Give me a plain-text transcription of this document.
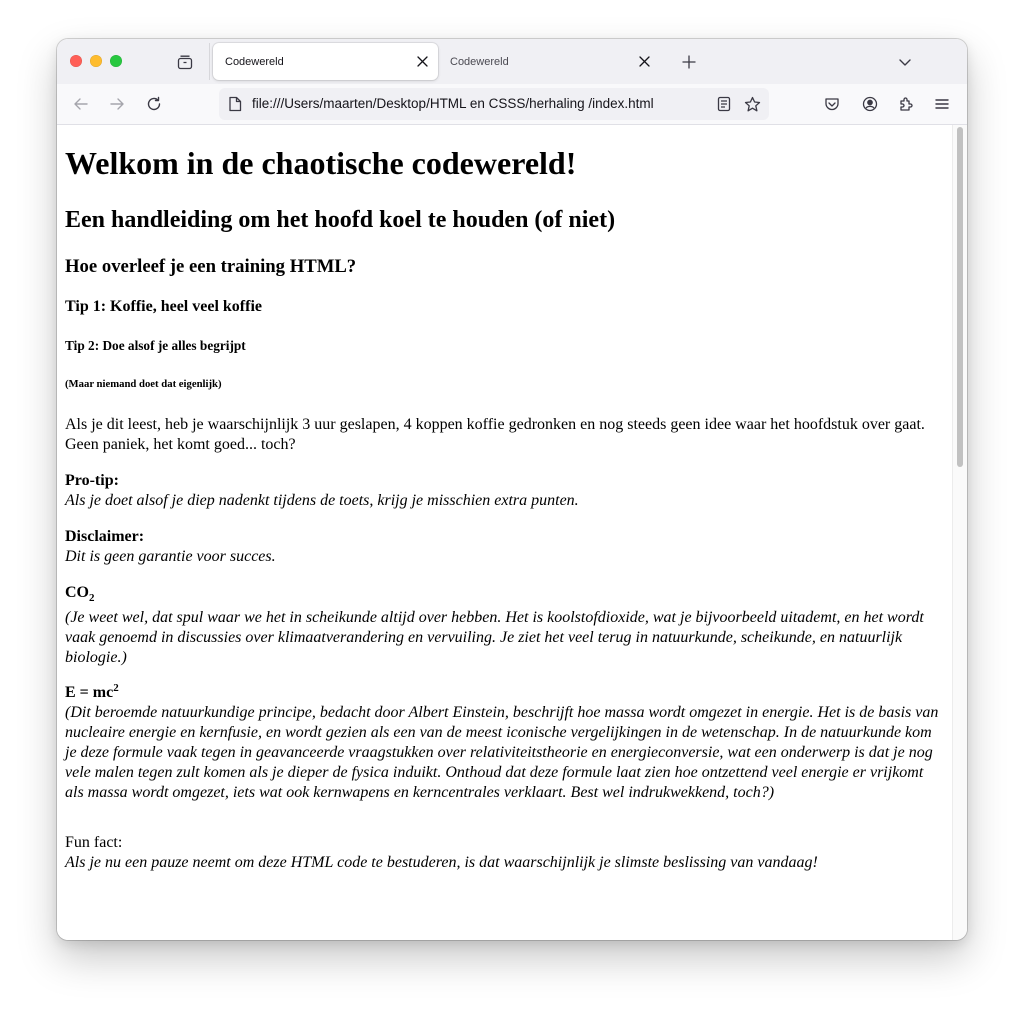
Codewereld	Codewereld
file:///Users/maarten/Desktop/HTML en CSSS/herhaling /index.html
Welkom in de chaotische codewereld!
Een handleiding om het hoofd koel te houden (of niet)
Hoe overleef je een training HTML?
Tip 1: Koffie, heel veel koffie
Tip 2: Doe alsof je alles begrijpt
(Maar niemand doet dat eigenlijk)

Als je dit leest, heb je waarschijnlijk 3 uur geslapen, 4 koppen koffie gedronken en nog steeds geen idee waar het hoofdstuk over gaat. Geen paniek, het komt goed... toch?

Pro-tip:
Als je doet alsof je diep nadenkt tijdens de toets, krijg je misschien extra punten.

Disclaimer:
Dit is geen garantie voor succes.

$CO_2$
(Je weet wel, dat spul waar we het in scheikunde altijd over hebben. Het is koolstofdioxide, wat je bijvoorbeeld uitademt, en het wordt vaak genoemd in discussies over klimaatverandering en vervuiling. Je ziet het veel terug in natuurkunde, scheikunde, en natuurlijk biologie.)

$E = mc^2$
(Dit beroemde natuurkundige principe, bedacht door Albert Einstein, beschrijft hoe massa wordt omgezet in energie. Het is de basis van nucleaire energie en kernfusie, en wordt gezien als een van de meest iconische vergelijkingen in de wetenschap. In de natuurkunde kom je deze formule vaak tegen in geavanceerde vraagstukken over relativiteitstheorie en energieconversie, wat een onderwerp is dat je nog vele malen tegen zult komen als je dieper de fysica induikt. Onthoud dat deze formule laat zien hoe ontzettend veel energie er vrijkomt als massa wordt omgezet, iets wat ook kernwapens en kerncentrales verklaart. Best wel indrukwekkend, toch?)

Fun fact:
Als je nu een pauze neemt om deze HTML code te bestuderen, is dat waarschijnlijk je slimste beslissing van vandaag!
